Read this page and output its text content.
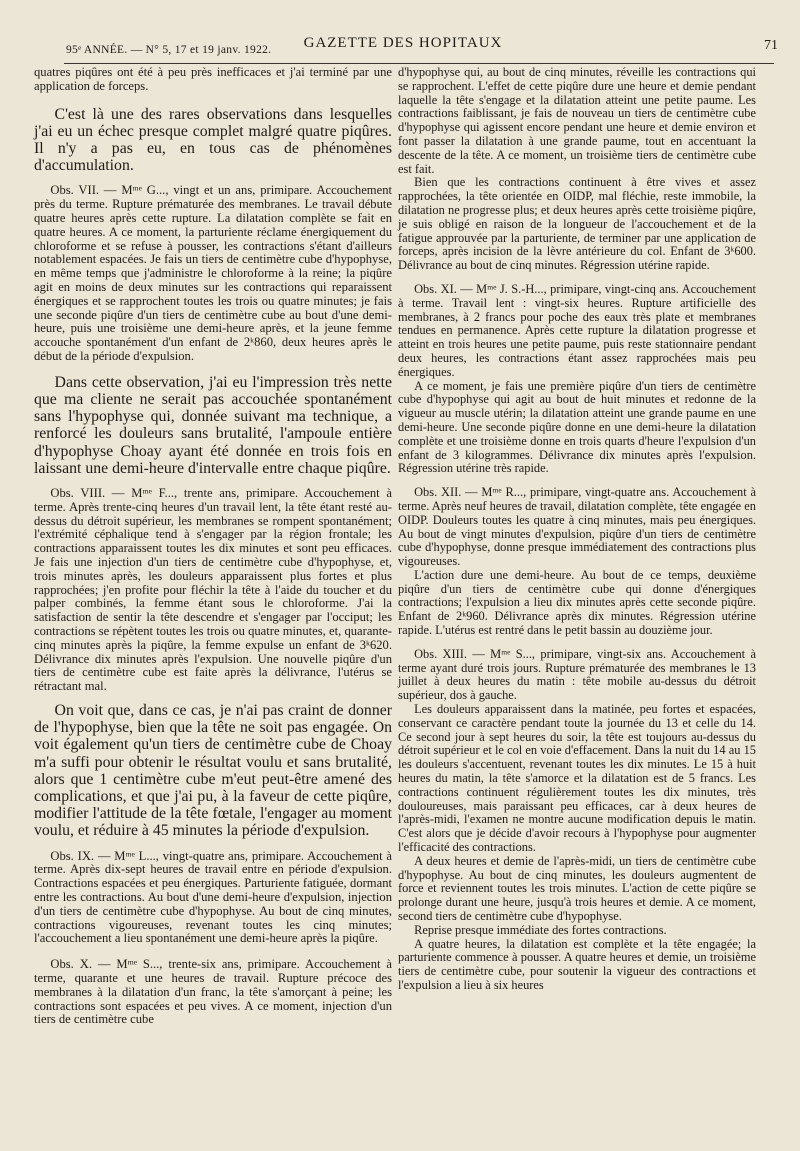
95ᵉ ANNÉE. — N° 5, 17 et 19 janv. 1922.	GAZETTE DES HOPITAUX	71

quatres piqûres ont été à peu près inefficaces et j'ai terminé par une application de forceps.

C'est là une des rares observations dans lesquelles j'ai eu un échec presque complet malgré quatre piqûres. Il n'y a pas eu, en tous cas de phénomènes d'accumulation.

Obs. VII. — Mᵐᵉ G..., vingt et un ans, primipare. Accouchement près du terme. Rupture prématurée des membranes. Le travail débute quatre heures après cette rupture. La dilatation complète se fait en quatre heures. A ce moment, la parturiente réclame énergiquement du chloroforme et se refuse à pousser, les contractions s'étant d'ailleurs notablement espacées. Je fais un tiers de centimètre cube d'hypophyse, en même temps que j'administre le chloroforme à la reine; la piqûre agit en moins de deux minutes sur les contractions qui reparaissent énergiques et se rapprochent toutes les trois ou quatre minutes; je fais une seconde piqûre d'un tiers de centimètre cube au bout d'une demi-heure, puis une troisième une demi-heure après, et la jeune femme accouche spontanément d'un enfant de 2ᵏ860, deux heures après le début de la période d'expulsion.

Dans cette observation, j'ai eu l'impression très nette que ma cliente ne serait pas accouchée spontanément sans l'hypophyse qui, donnée suivant ma technique, a renforcé les douleurs sans brutalité, l'ampoule entière d'hypophyse Choay ayant été donnée en trois fois en laissant une demi-heure d'intervalle entre chaque piqûre.

Obs. VIII. — Mᵐᵉ F..., trente ans, primipare. Accouchement à terme. Après trente-cinq heures d'un travail lent, la tête étant resté au-dessus du détroit supérieur, les membranes se rompent spontanément; l'extrémité céphalique tend à s'engager par la région frontale; les contractions apparaissent toutes les dix minutes et sont peu efficaces. Je fais une injection d'un tiers de centimètre cube d'hypophyse, et, trois minutes après, les douleurs apparaissent plus fortes et plus rapprochées; j'en profite pour fléchir la tête à l'aide du toucher et du palper combinés, la femme étant sous le chloroforme. J'ai la satisfaction de sentir la tête descendre et s'engager par l'occiput; les contractions se répètent toutes les trois ou quatre minutes, et, quarante-cinq minutes après la piqûre, la femme expulse un enfant de 3ᵏ620. Délivrance dix minutes après l'expulsion. Une nouvelle piqûre d'un tiers de centimètre cube est faite après la délivrance, l'utérus se rétractant mal.

On voit que, dans ce cas, je n'ai pas craint de donner de l'hypophyse, bien que la tête ne soit pas engagée. On voit également qu'un tiers de centimètre cube de Choay m'a suffi pour obtenir le résultat voulu et sans brutalité, alors que 1 centimètre cube m'eut peut-être amené des complications, et que j'ai pu, à la faveur de cette piqûre, modifier l'attitude de la tête fœtale, l'engager au moment voulu, et réduire à 45 minutes la période d'expulsion.

Obs. IX. — Mᵐᵉ L..., vingt-quatre ans, primipare. Accouchement à terme. Après dix-sept heures de travail entre en période d'expulsion. Contractions espacées et peu énergiques. Parturiente fatiguée, dormant entre les contractions. Au bout d'une demi-heure d'expulsion, injection d'un tiers de centimètre cube d'hypophyse. Au bout de cinq minutes, contractions vigoureuses, revenant toutes les cinq minutes; l'accouchement a lieu spontanément une demi-heure après la piqûre.

Obs. X. — Mᵐᵉ S..., trente-six ans, primipare. Accouchement à terme, quarante et une heures de travail. Rupture précoce des membranes à la dilatation d'un franc, la tête s'amorçant à peine; les contractions sont espacées et peu vives. A ce moment, injection d'un tiers de centimètre cube

d'hypophyse qui, au bout de cinq minutes, réveille les contractions qui se rapprochent. L'effet de cette piqûre dure une heure et demie pendant laquelle la tête s'engage et la dilatation atteint une petite paume. Les contractions faiblissant, je fais de nouveau un tiers de centimètre cube d'hypophyse qui agissent encore pendant une heure et demie environ et font passer la dilatation à une grande paume, tout en accentuant la descente de la tête. A ce moment, un troisième tiers de centimètre cube est fait.

Bien que les contractions continuent à être vives et assez rapprochées, la tête orientée en OIDP, mal fléchie, reste immobile, la dilatation ne progresse plus; et deux heures après cette troisième piqûre, je suis obligé en raison de la longueur de l'accouchement et de la fatigue approuvée par la parturiente, de terminer par une application de forceps, après incision de la lèvre antérieure du col. Enfant de 3ᵏ600. Délivrance au bout de cinq minutes. Régression utérine rapide.

Obs. XI. — Mᵐᵉ J. S.-H..., primipare, vingt-cinq ans. Accouchement à terme. Travail lent : vingt-six heures. Rupture artificielle des membranes, à 2 francs pour poche des eaux très plate et membranes tendues en permanence. Après cette rupture la dilatation progresse et atteint en trois heures une petite paume, puis reste stationnaire pendant deux heures, les contractions étant assez rapprochées mais peu énergiques.

A ce moment, je fais une première piqûre d'un tiers de centimètre cube d'hypophyse qui agit au bout de huit minutes et redonne de la vigueur au muscle utérin; la dilatation atteint une grande paume en une demi-heure. Une seconde piqûre donne en une demi-heure la dilatation complète et une troisième donne en trois quarts d'heure l'expulsion d'un enfant de 3 kilogrammes. Délivrance dix minutes après l'expulsion. Régression utérine très rapide.

Obs. XII. — Mᵐᵉ R..., primipare, vingt-quatre ans. Accouchement à terme. Après neuf heures de travail, dilatation complète, tête engagée en OIDP. Douleurs toutes les quatre à cinq minutes, mais peu énergiques. Au bout de vingt minutes d'expulsion, piqûre d'un tiers de centimètre cube d'hypophyse, donne presque immédiatement des contractions plus vigoureuses.

L'action dure une demi-heure. Au bout de ce temps, deuxième piqûre d'un tiers de centimètre cube qui donne d'énergiques contractions; l'expulsion a lieu dix minutes après cette seconde piqûre. Enfant de 2ᵏ960. Délivrance après dix minutes. Régression utérine rapide. L'utérus est rentré dans le petit bassin au douzième jour.

Obs. XIII. — Mᵐᵉ S..., primipare, vingt-six ans. Accouchement à terme ayant duré trois jours. Rupture prématurée des membranes le 13 juillet à deux heures du matin : tête mobile au-dessus du détroit supérieur, dos à gauche.

Les douleurs apparaissent dans la matinée, peu fortes et espacées, conservant ce caractère pendant toute la journée du 13 et celle du 14. Ce second jour à sept heures du soir, la tête est toujours au-dessus du détroit supérieur et le col en voie d'effacement. Dans la nuit du 14 au 15 les douleurs s'accentuent, revenant toutes les dix minutes. Le 15 à huit heures du matin, la tête s'amorce et la dilatation est de 5 francs. Les contractions continuent régulièrement toutes les dix minutes, très douloureuses, mais paraissant peu efficaces, car à deux heures de l'après-midi, l'examen ne montre aucune modification depuis le matin. C'est alors que je décide d'avoir recours à l'hypophyse pour augmenter l'efficacité des contractions.

A deux heures et demie de l'après-midi, un tiers de centimètre cube d'hypophyse. Au bout de cinq minutes, les douleurs augmentent de force et reviennent toutes les trois minutes. L'action de cette piqûre se prolonge durant une heure, jusqu'à trois heures et demie. A ce moment, second tiers de centimètre cube d'hypophyse.

Reprise presque immédiate des fortes contractions.

A quatre heures, la dilatation est complète et la tête engagée; la parturiente commence à pousser. A quatre heures et demie, un troisième tiers de centimètre cube, pour soutenir la vigueur des contractions et l'expulsion a lieu à six heures
